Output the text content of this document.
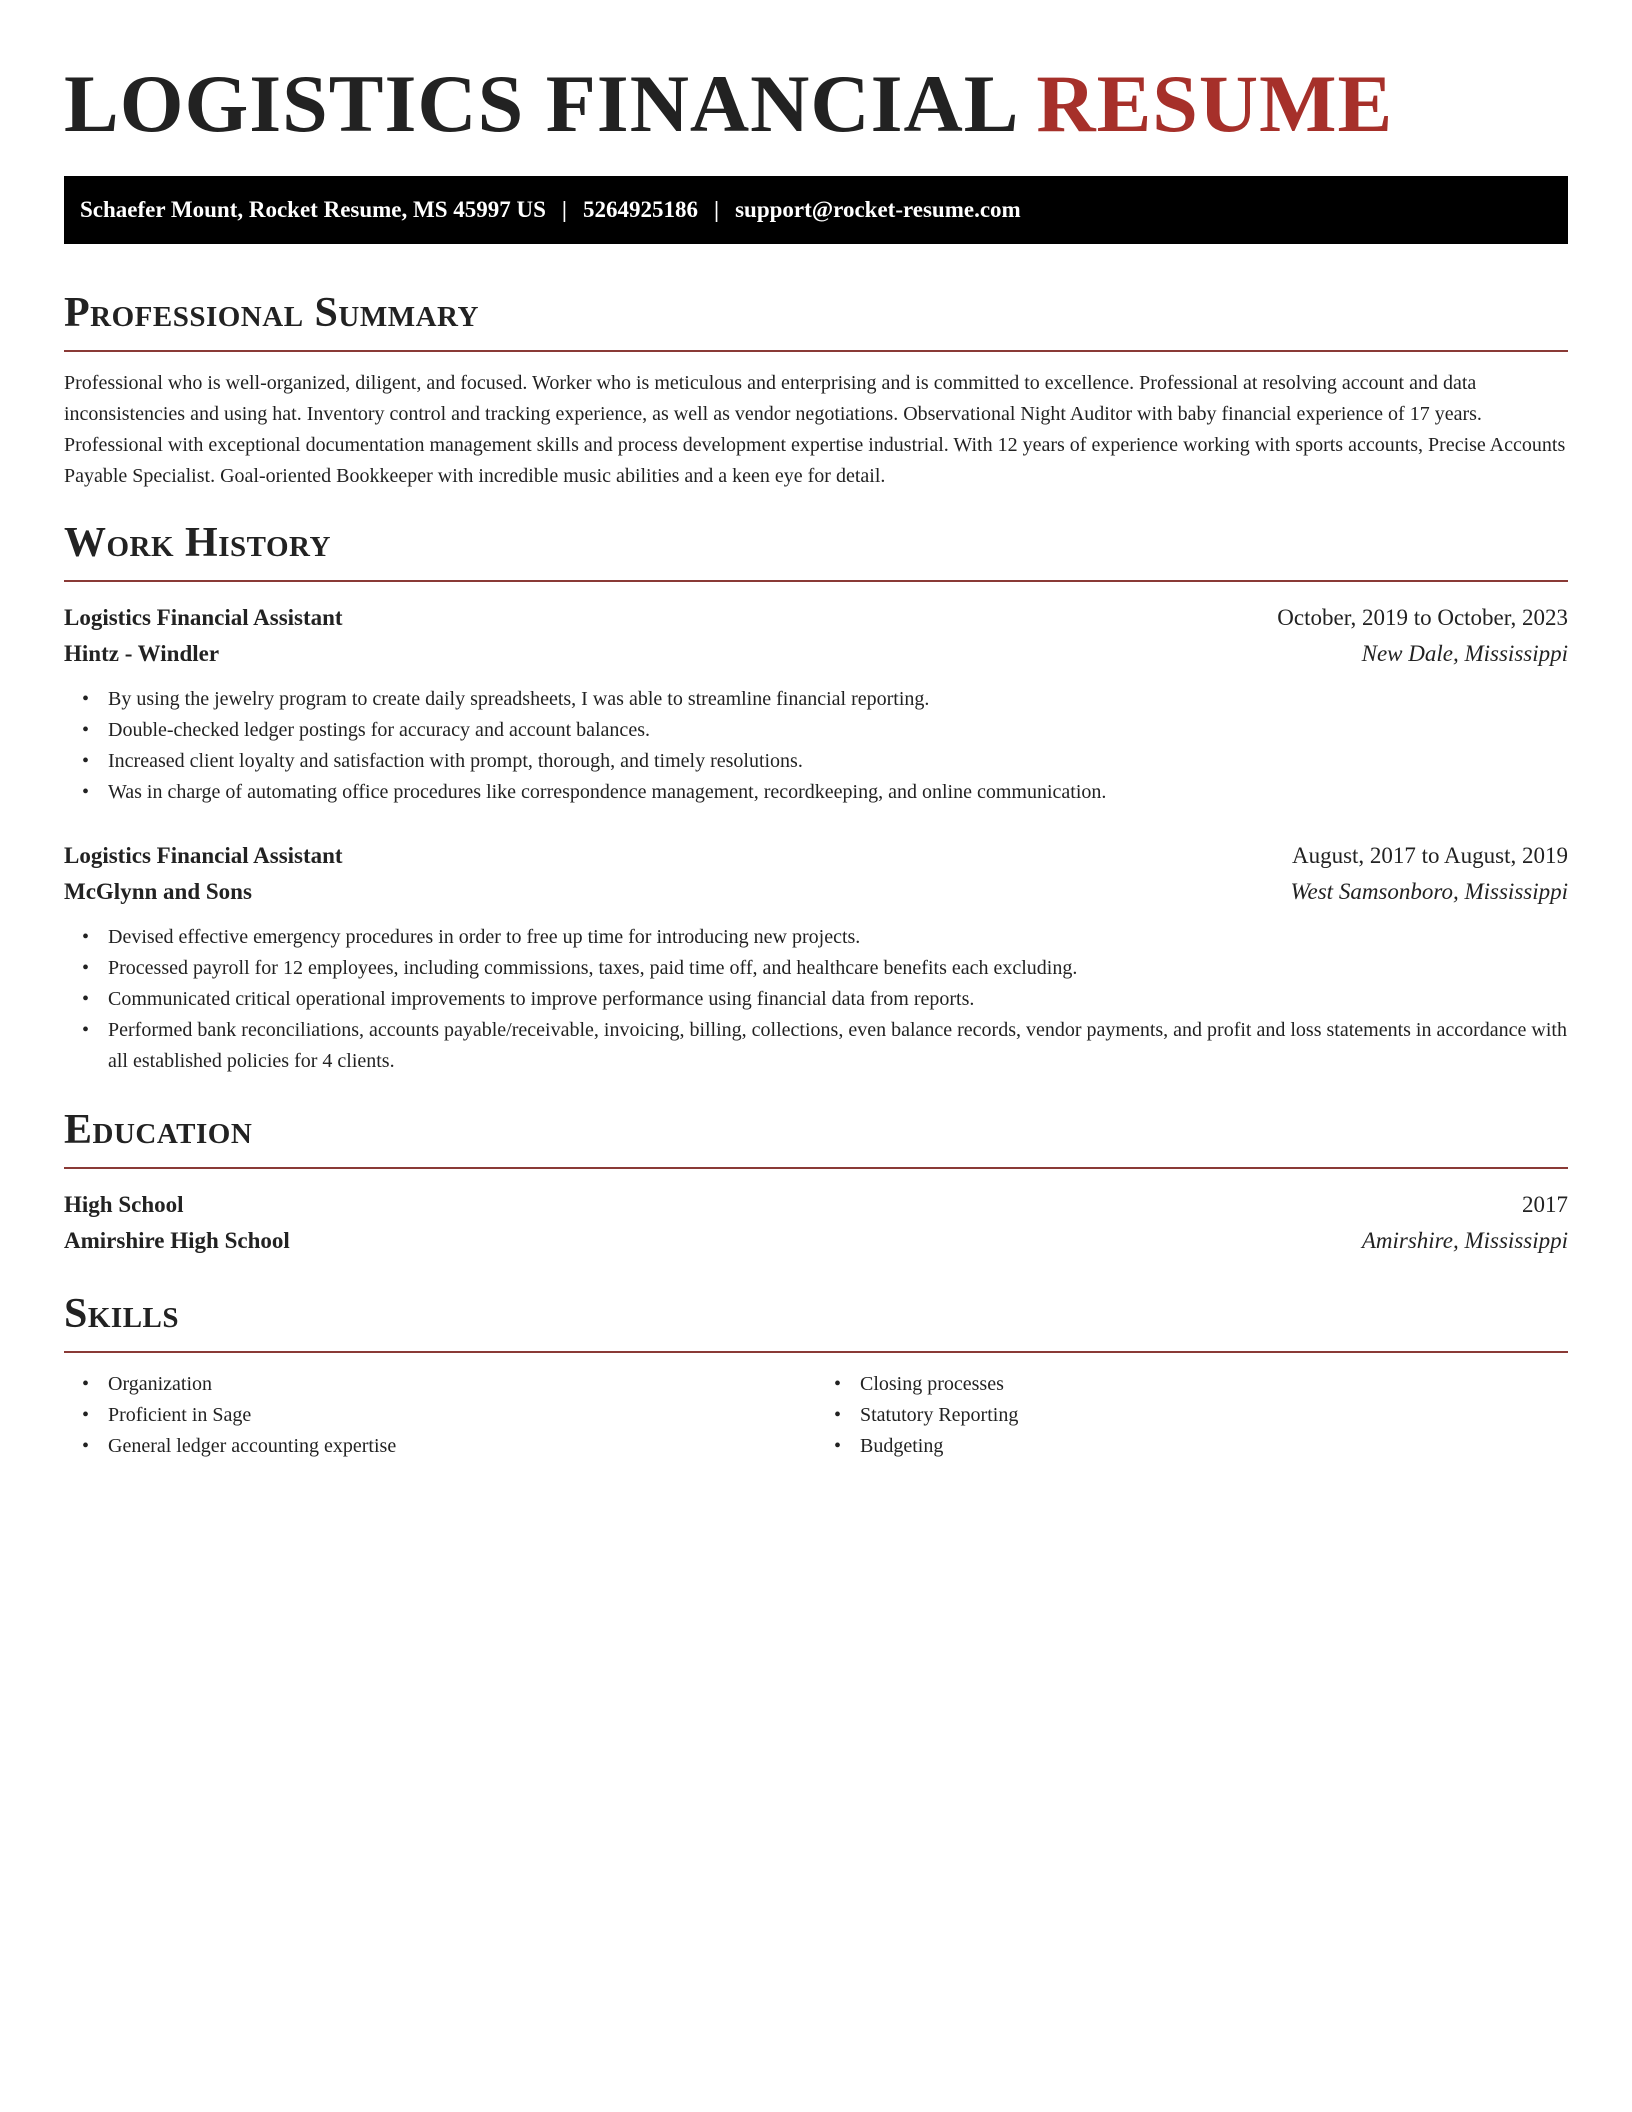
LOGISTICS FINANCIAL RESUME
Schaefer Mount, Rocket Resume, MS 45997 US | 5264925186 | support@rocket-resume.com
Professional Summary

Professional who is well-organized, diligent, and focused. Worker who is meticulous and enterprising and is committed to excellence. Professional at resolving account and data inconsistencies and using hat. Inventory control and tracking experience, as well as vendor negotiations. Observational Night Auditor with baby financial experience of 17 years. Professional with exceptional documentation management skills and process development expertise industrial. With 12 years of experience working with sports accounts, Precise Accounts Payable Specialist. Goal-oriented Bookkeeper with incredible music abilities and a keen eye for detail.

Work History
Logistics Financial Assistant	October, 2019 to October, 2023
Hintz - Windler	New Dale, Mississippi
• By using the jewelry program to create daily spreadsheets, I was able to streamline financial reporting.
• Double-checked ledger postings for accuracy and account balances.
• Increased client loyalty and satisfaction with prompt, thorough, and timely resolutions.
• Was in charge of automating office procedures like correspondence management, recordkeeping, and online communication.
Logistics Financial Assistant	August, 2017 to August, 2019
McGlynn and Sons	West Samsonboro, Mississippi
• Devised effective emergency procedures in order to free up time for introducing new projects.
• Processed payroll for 12 employees, including commissions, taxes, paid time off, and healthcare benefits each excluding.
• Communicated critical operational improvements to improve performance using financial data from reports.
• Performed bank reconciliations, accounts payable/receivable, invoicing, billing, collections, even balance records, vendor payments, and profit and loss statements in accordance with all established policies for 4 clients.
Education
High School	2017
Amirshire High School	Amirshire, Mississippi
Skills
• Organization
• Proficient in Sage
• General ledger accounting expertise
• Closing processes
• Statutory Reporting
• Budgeting
